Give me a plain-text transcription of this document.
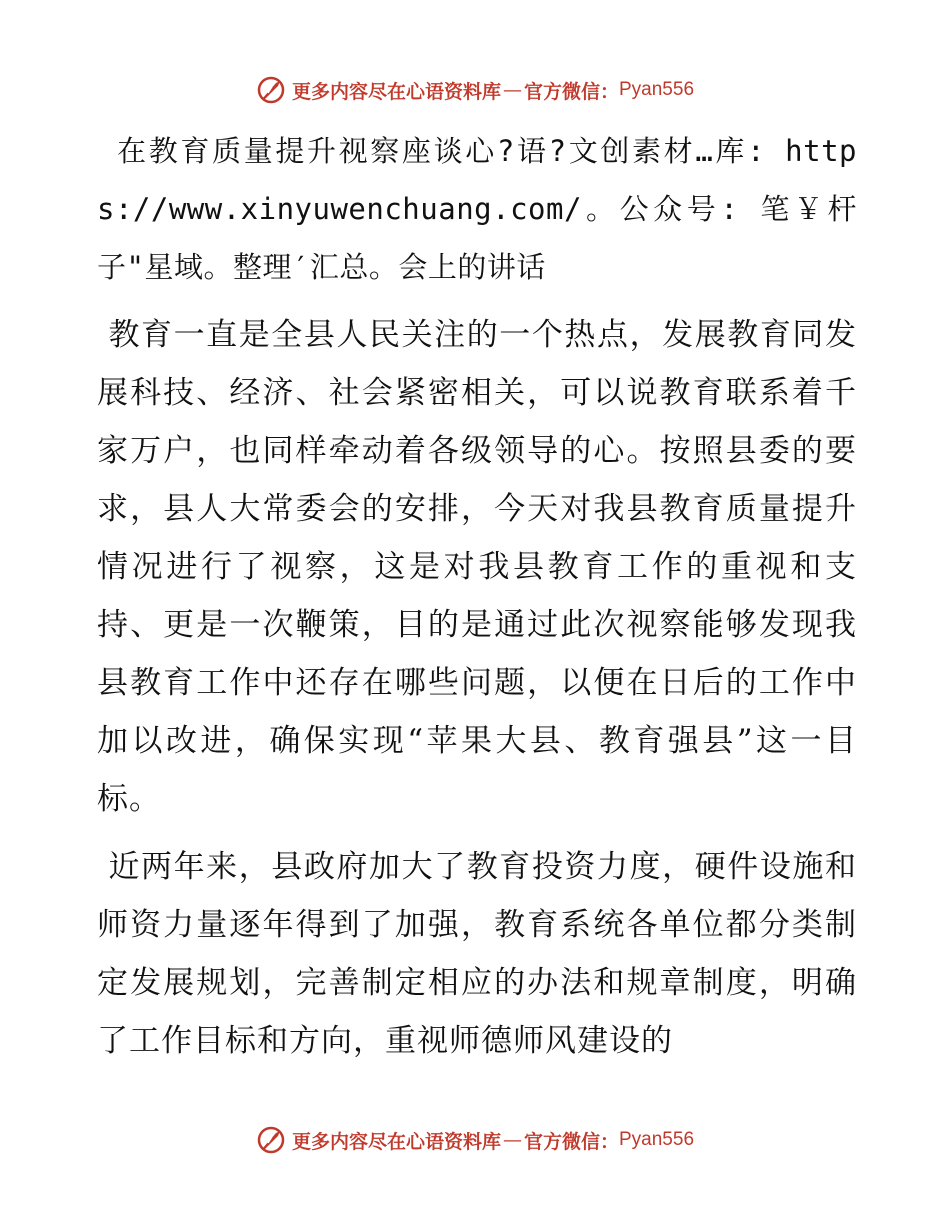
更多内容尽在心语资料库 — 官方微信： Pyan556

在教育质量提升视察座谈心?语?文创素材…库: https://www.xinyuwenchuang.com/。公众号: 笔￥杆子"星域。整理′汇总。会上的讲话

教育一直是全县人民关注的一个热点，发展教育同发展科技、经济、社会紧密相关，可以说教育联系着千家万户，也同样牵动着各级领导的心。按照县委的要求，县人大常委会的安排，今天对我县教育质量提升情况进行了视察，这是对我县教育工作的重视和支持、更是一次鞭策，目的是通过此次视察能够发现我县教育工作中还存在哪些问题，以便在日后的工作中加以改进，确保实现“苹果大县、教育强县”这一目标。

近两年来，县政府加大了教育投资力度，硬件设施和师资力量逐年得到了加强，教育系统各单位都分类制定发展规划，完善制定相应的办法和规章制度，明确了工作目标和方向，重视师德师风建设的

更多内容尽在心语资料库 — 官方微信： Pyan556
